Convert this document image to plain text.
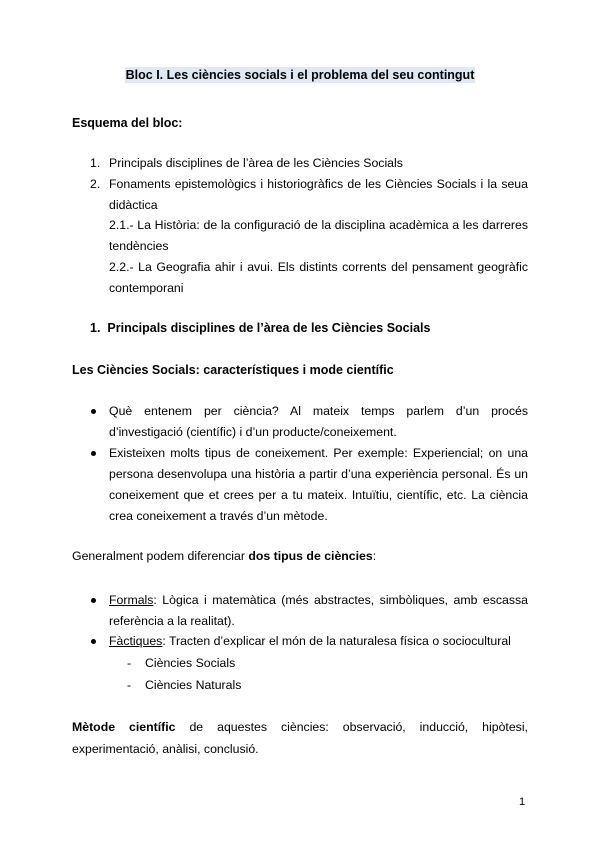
Bloc I. Les ciències socials i el problema del seu contingut

Esquema del bloc:

1. Principals disciplines de l’àrea de les Ciències Socials
2. Fonaments epistemològics i historiogràfics de les Ciències Socials i la seua didàctica

2.1.- La Història: de la configuració de la disciplina acadèmica a les darreres tendències

2.2.- La Geografia ahir i avui. Els distints corrents del pensament geogràfic contemporani

1. Principals disciplines de l’àrea de les Ciències Socials

Les Ciències Socials: característiques i mode científic

Què entenem per ciència? Al mateix temps parlem d’un procés d’investigació (científic) i d’un producte/coneixement.
Existeixen molts tipus de coneixement. Per exemple: Experiencial; on una persona desenvolupa una història a partir d’una experiència personal. És un coneixement que et crees per a tu mateix. Intuïtiu, científic, etc. La ciència crea coneixement a través d’un mètode.

Generalment podem diferenciar dos tipus de ciències:

Formals: Lògica i matemàtica (més abstractes, simbòliques, amb escassa referència a la realitat).
Fàctiques: Tracten d’explicar el món de la naturalesa física o sociocultural
- Ciències Socials
- Ciències Naturals

Mètode científic de aquestes ciències: observació, inducció, hipòtesi, experimentació, anàlisi, conclusió.

1
